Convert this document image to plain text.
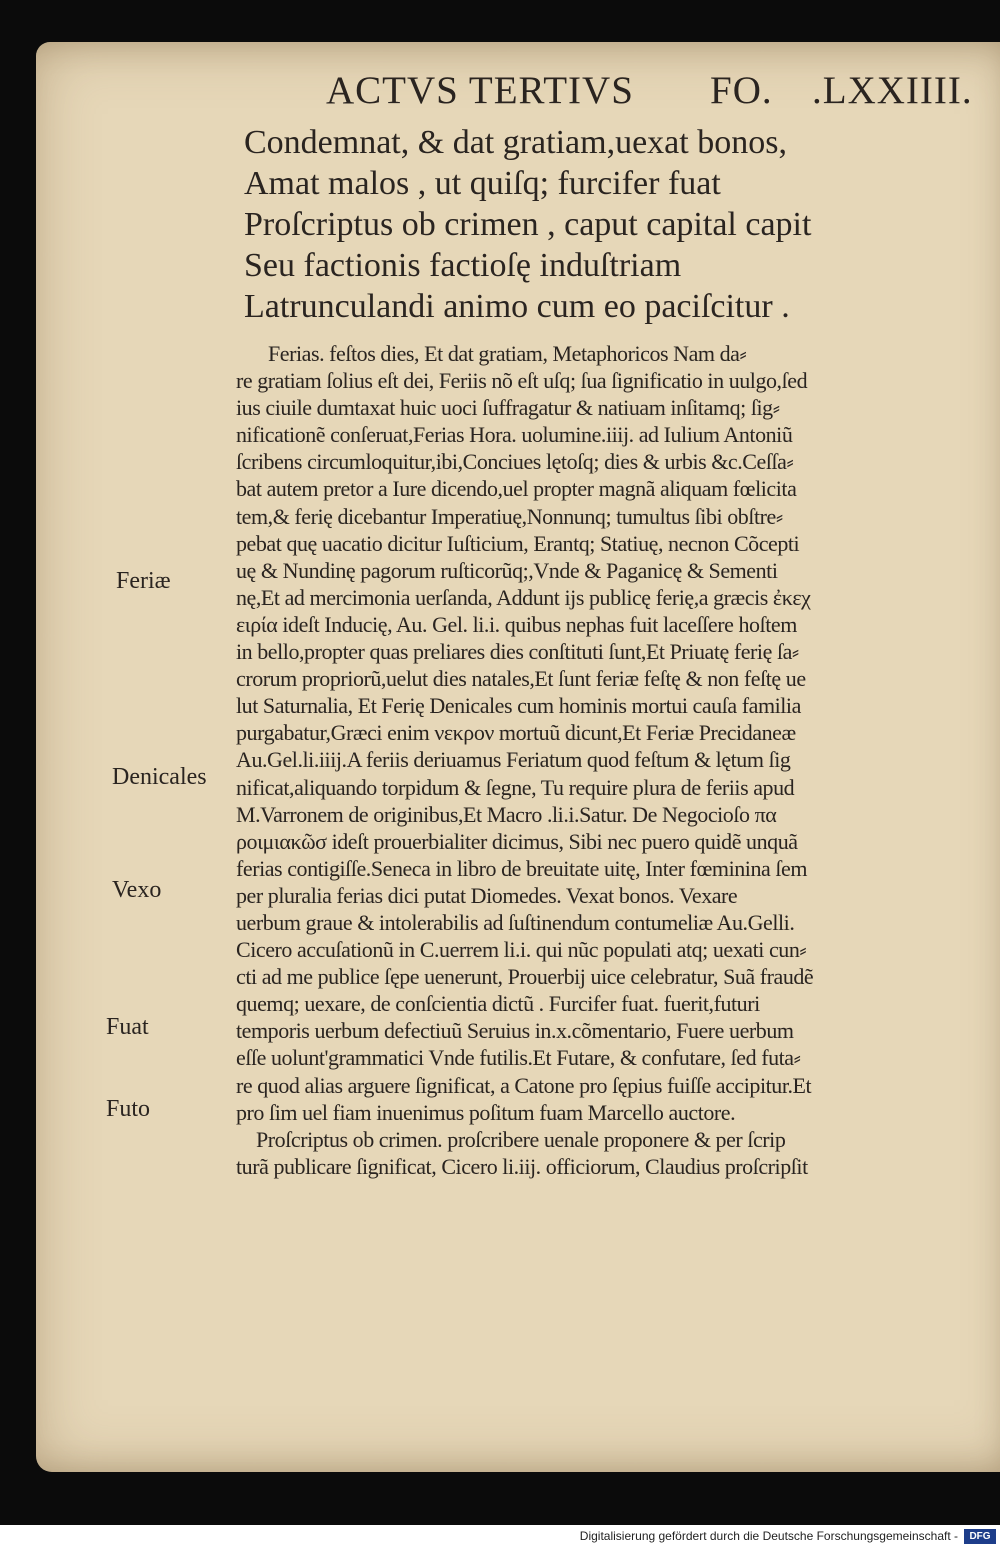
ACTVS TERTIVS FO. .LXXIIII.
Condemnat, & dat gratiam,uexat bonos,
Amat malos , ut quiſq; furcifer fuat
Proſcriptus ob crimen , caput capital capit
Seu factionis factioſę induſtriam
Latrunculandi animo cum eo paciſcitur .
Ferias. feſtos dies, Et dat gratiam, Metaphoricos Nam da⸗
re gratiam ſolius eſt dei, Feriis nõ eſt uſq; ſua ſignificatio in uulgo,ſed
ius ciuile dumtaxat huic uoci ſuffragatur & natiuam inſitamq; ſig⸗
nificationẽ conſeruat,Ferias Hora. uolumine.iiij. ad Iulium Antoniũ
ſcribens circumloquitur,ibi,Conciues lętoſq; dies & urbis &c.Ceſſa⸗
bat autem pretor a Iure dicendo,uel propter magnã aliquam fœlicita
tem,& ferię dicebantur Imperatiuę,Nonnunq; tumultus ſibi obſtre⸗
pebat quę uacatio dicitur Iuſticium, Erantq; Statiuę, necnon Cõcepti
uę & Nundinę pagorum ruſticorũq;,Vnde & Paganicę & Sementi
nę,Et ad mercimonia uerſanda, Addunt ijs publicę ferię,a græcis ἐκεχ
ειρία ideſt Inducię, Au. Gel. li.i. quibus nephas fuit laceſſere hoſtem
in bello,propter quas preliares dies conſtituti ſunt,Et Priuatę ferię ſa⸗
crorum propriorũ,uelut dies natales,Et ſunt feriæ feſtę & non feſtę ue
lut Saturnalia, Et Ferię Denicales cum hominis mortui cauſa familia
purgabatur,Græci enim νεκρον mortuũ dicunt,Et Feriæ Precidaneæ
Au.Gel.li.iiij.A feriis deriuamus Feriatum quod feſtum & lętum ſig
nificat,aliquando torpidum & ſegne, Tu require plura de feriis apud
M.Varronem de originibus,Et Macro .li.i.Satur. De Negocioſo πα
ροιμιακῶσ ideſt prouerbialiter dicimus, Sibi nec puero quidẽ unquã
ferias contigiſſe.Seneca in libro de breuitate uitę, Inter fœminina ſem
per pluralia ferias dici putat Diomedes. Vexat bonos. Vexare
uerbum graue & intolerabilis ad ſuſtinendum contumeliæ Au.Gelli.
Cicero accuſationũ in C.uerrem li.i. qui nũc populati atq; uexati cun⸗
cti ad me publice ſępe uenerunt, Prouerbij uice celebratur, Suã fraudẽ
quemq; uexare, de conſcientia dictũ . Furcifer fuat. fuerit,futuri
temporis uerbum defectiuũ Seruius in.x.cõmentario, Fuere uerbum
eſſe uolunt'grammatici Vnde futilis.Et Futare, & confutare, ſed futa⸗
re quod alias arguere ſignificat, a Catone pro ſępius fuiſſe accipitur.Et
pro ſim uel fiam inuenimus poſitum fuam Marcello auctore.
Proſcriptus ob crimen. proſcribere uenale proponere & per ſcrip
turã publicare ſignificat, Cicero li.iij. officiorum, Claudius proſcripſit
Feriæ
Denicales
Vexo
Fuat
Futo
Digitalisierung gefördert durch die Deutsche Forschungsgemeinschaft -	DFG
